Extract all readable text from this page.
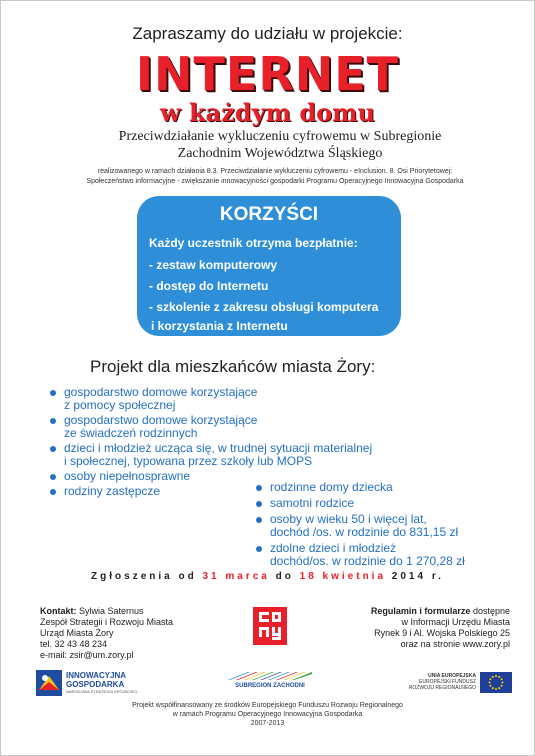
Zapraszamy do udziału w projekcie:
INTERNET
w każdym domu
Przeciwdziałanie wykluczeniu cyfrowemu w Subregionie
Zachodnim Województwa Śląskiego
realizowanego w ramach działania 8.3. Przeciwdziałanie wykluczeniu cyfrowemu - eInclusion. 8. Osi Priorytetowej:
Społeczeństwo informacyjne - zwiększanie innowacyjności gospodarki Programu Operacyjnego Innowacyjna Gospodarka
KORZYŚCI
Każdy uczestnik otrzyma bezpłatnie:
- zestaw komputerowy
- dostęp do Internetu
- szkolenie z zakresu obsługi komputera
i korzystania z Internetu
Projekt dla mieszkańców miasta Żory:
gospodarstwo domowe korzystające
z pomocy społecznej
gospodarstwo domowe korzystające
ze świadczeń rodzinnych
dzieci i młodzież ucząca się, w trudnej sytuacji materialnej
i społecznej, typowana przez szkoły lub MOPS
osoby niepełnosprawne
rodziny zastępcze	rodzinne domy dziecka
samotni rodzice
osoby w wieku 50 i więcej lat,
dochód /os. w rodzinie do 831,15 zł
zdolne dzieci i młodzież
dochód/os. w rodzinie do 1 270,28 zł
Zgłoszenia od 31 marca do 18 kwietnia 2014 r.
Kontakt: Sylwia Saternus
Zespół Strategii i Rozwoju Miasta
Urząd Miasta Żory
tel. 32 43 48 234
e-mail: zsir@um.zory.pl
Regulamin i formularze dostępne
w Informacji Urzędu Miasta
Rynek 9 i Al. Wojska Polskiego 25
oraz na stronie www.zory.pl
INNOWACYJNA
GOSPODARKA
NARODOWA STRATEGIA SPÓJNOŚCI
SUBREGION ZACHODNI
UNIA EUROPEJSKA
EUROPEJSKI FUNDUSZ
ROZWOJU REGIONALNEGO
Projekt współfinansowany ze środków Europejskiego Funduszu Rozwoju Regionalnego
w ramach Programu Operacyjnego Innowacyjna Gospodarka
2007-2013
